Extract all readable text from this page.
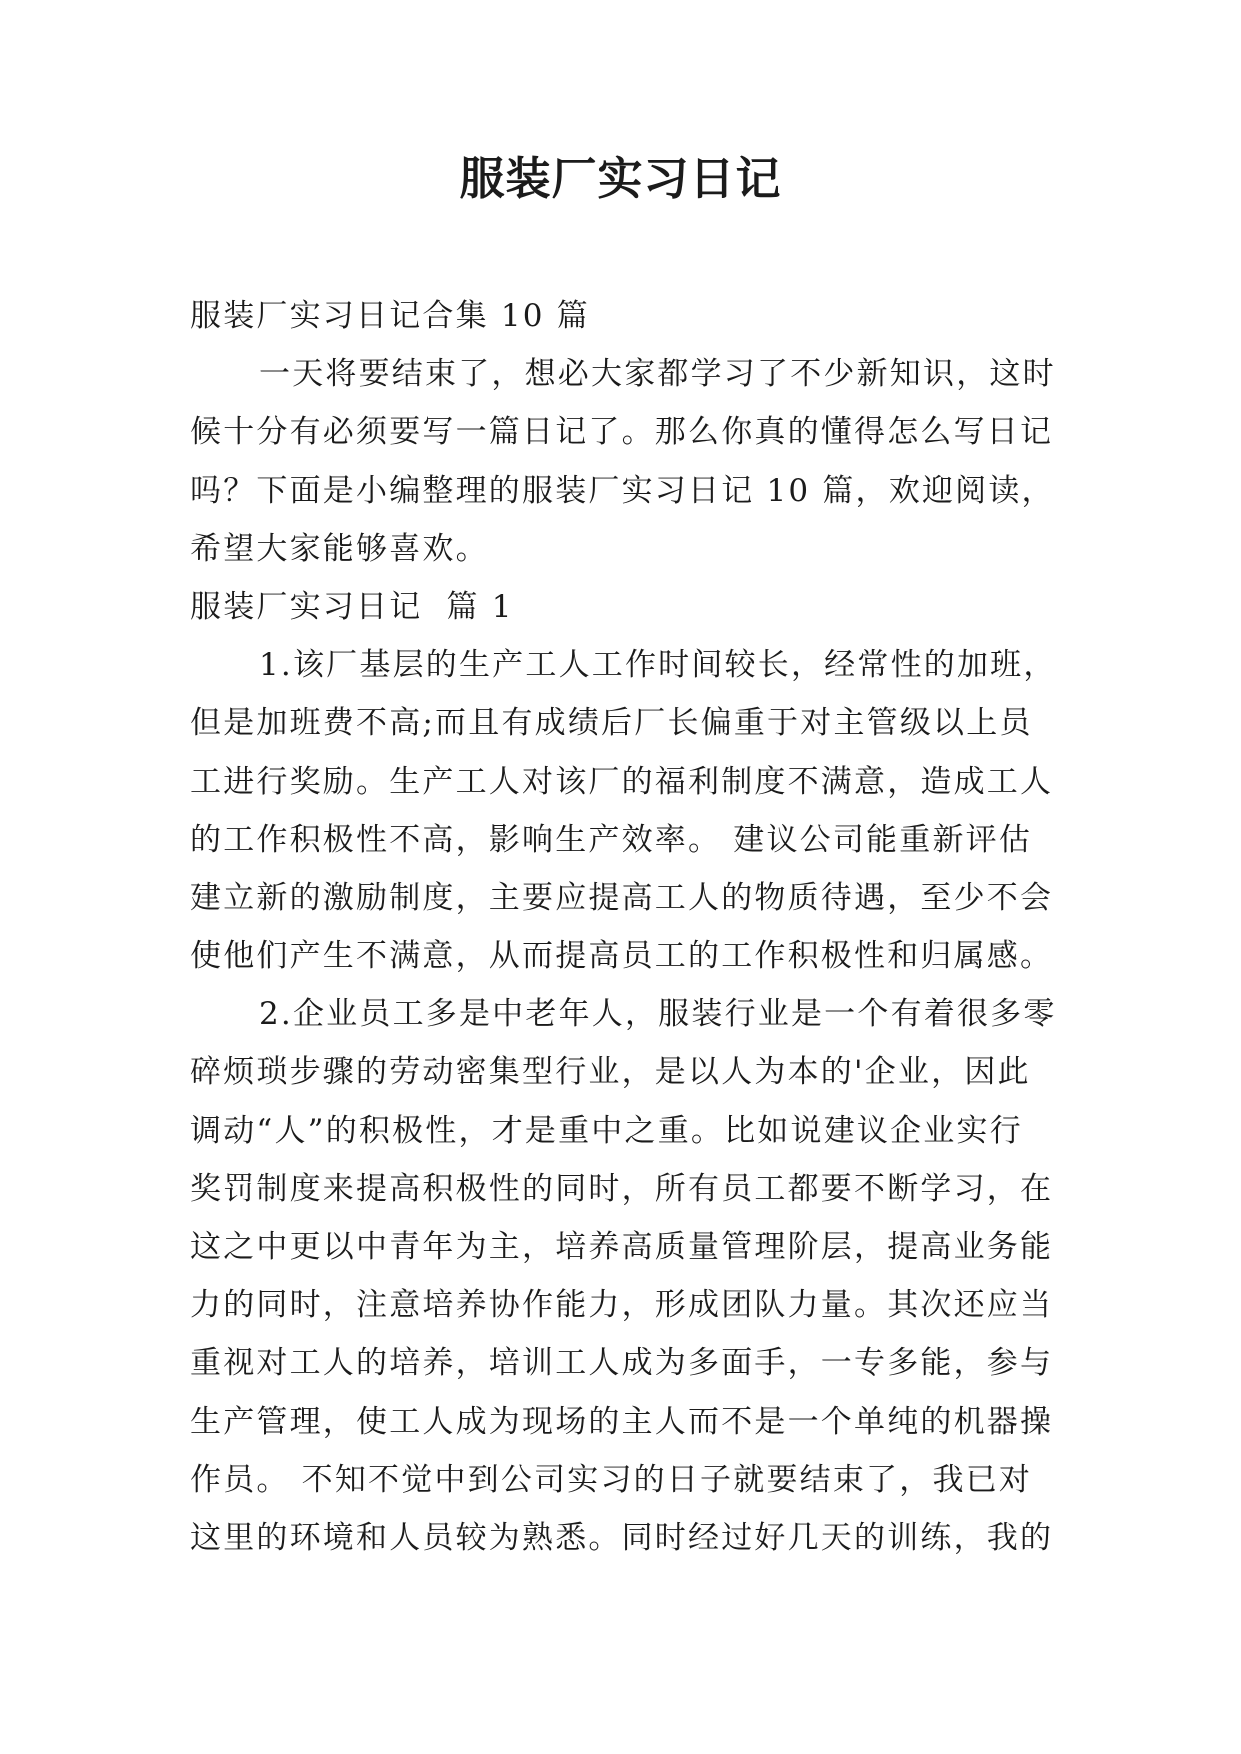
服装厂实习日记
服装厂实习日记合集 10 篇
一天将要结束了，想必大家都学习了不少新知识，这时
候十分有必须要写一篇日记了。那么你真的懂得怎么写日记
吗？下面是小编整理的服装厂实习日记 10 篇，欢迎阅读，
希望大家能够喜欢。
服装厂实习日记  篇 1
1.该厂基层的生产工人工作时间较长，经常性的加班，
但是加班费不高;而且有成绩后厂长偏重于对主管级以上员
工进行奖励。生产工人对该厂的福利制度不满意，造成工人
的工作积极性不高，影响生产效率。 建议公司能重新评估
建立新的激励制度，主要应提高工人的物质待遇，至少不会
使他们产生不满意，从而提高员工的工作积极性和归属感。
2.企业员工多是中老年人，服装行业是一个有着很多零
碎烦琐步骤的劳动密集型行业，是以人为本的'企业，因此
调动“人”的积极性，才是重中之重。比如说建议企业实行
奖罚制度来提高积极性的同时，所有员工都要不断学习，在
这之中更以中青年为主，培养高质量管理阶层，提高业务能
力的同时，注意培养协作能力，形成团队力量。其次还应当
重视对工人的培养，培训工人成为多面手，一专多能，参与
生产管理，使工人成为现场的主人而不是一个单纯的机器操
作员。 不知不觉中到公司实习的日子就要结束了，我已对
这里的环境和人员较为熟悉。同时经过好几天的训练，我的
